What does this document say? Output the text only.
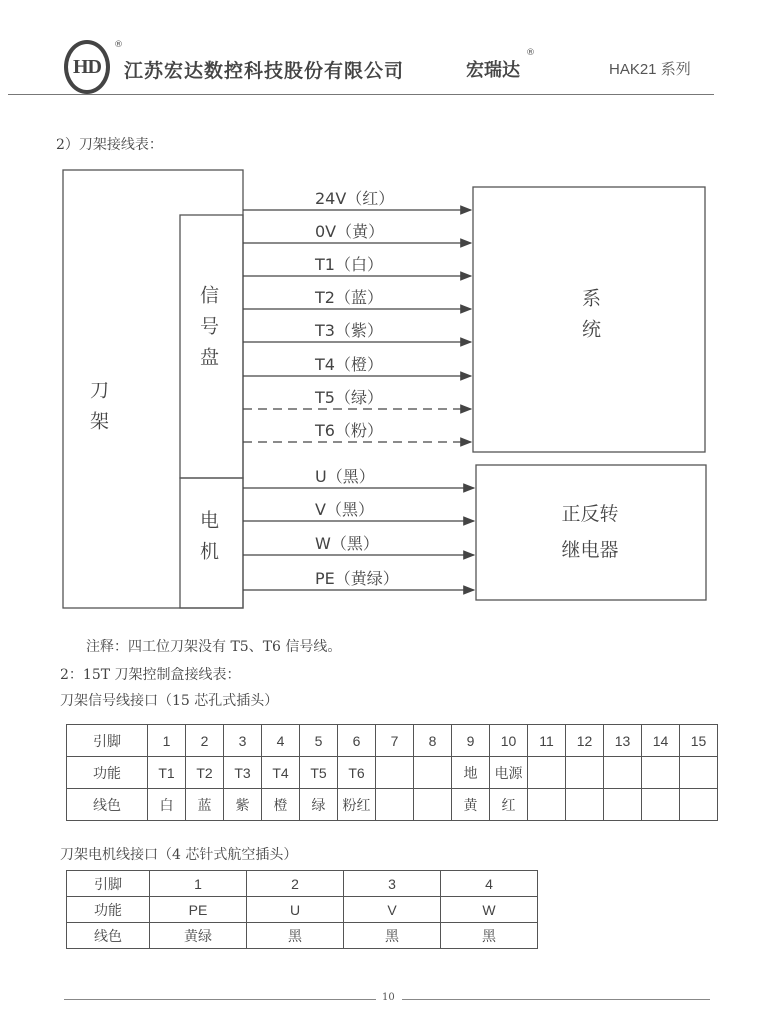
HD
®
江苏宏达数控科技股份有限公司	宏瑞达
®
HAK21 系列
2）刀架接线表：
24V（红）
0V（黄）
T1（白）
T2（蓝）
T3（紫）
T4（橙）
T5（绿）
T6（粉）
U（黑）
V（黑）
W（黑）
PE（黄绿）
刀架
信号盘
电机
系统
正反转
继电器
注释：四工位刀架没有 T5、T6 信号线。
2：15T 刀架控制盒接线表：
刀架信号线接口（15 芯孔式插头）
引脚	1	2	3	4	5	6	7	8	9	10	11	12	13	14	15
功能	T1	T2	T3	T4	T5	T6			地	电源					
线色	白	蓝	紫	橙	绿	粉红			黄	红					
刀架电机线接口（4 芯针式航空插头）
引脚	1	2	3	4
功能	PE	U	V	W
线色	黄绿	黑	黑	黑
10
